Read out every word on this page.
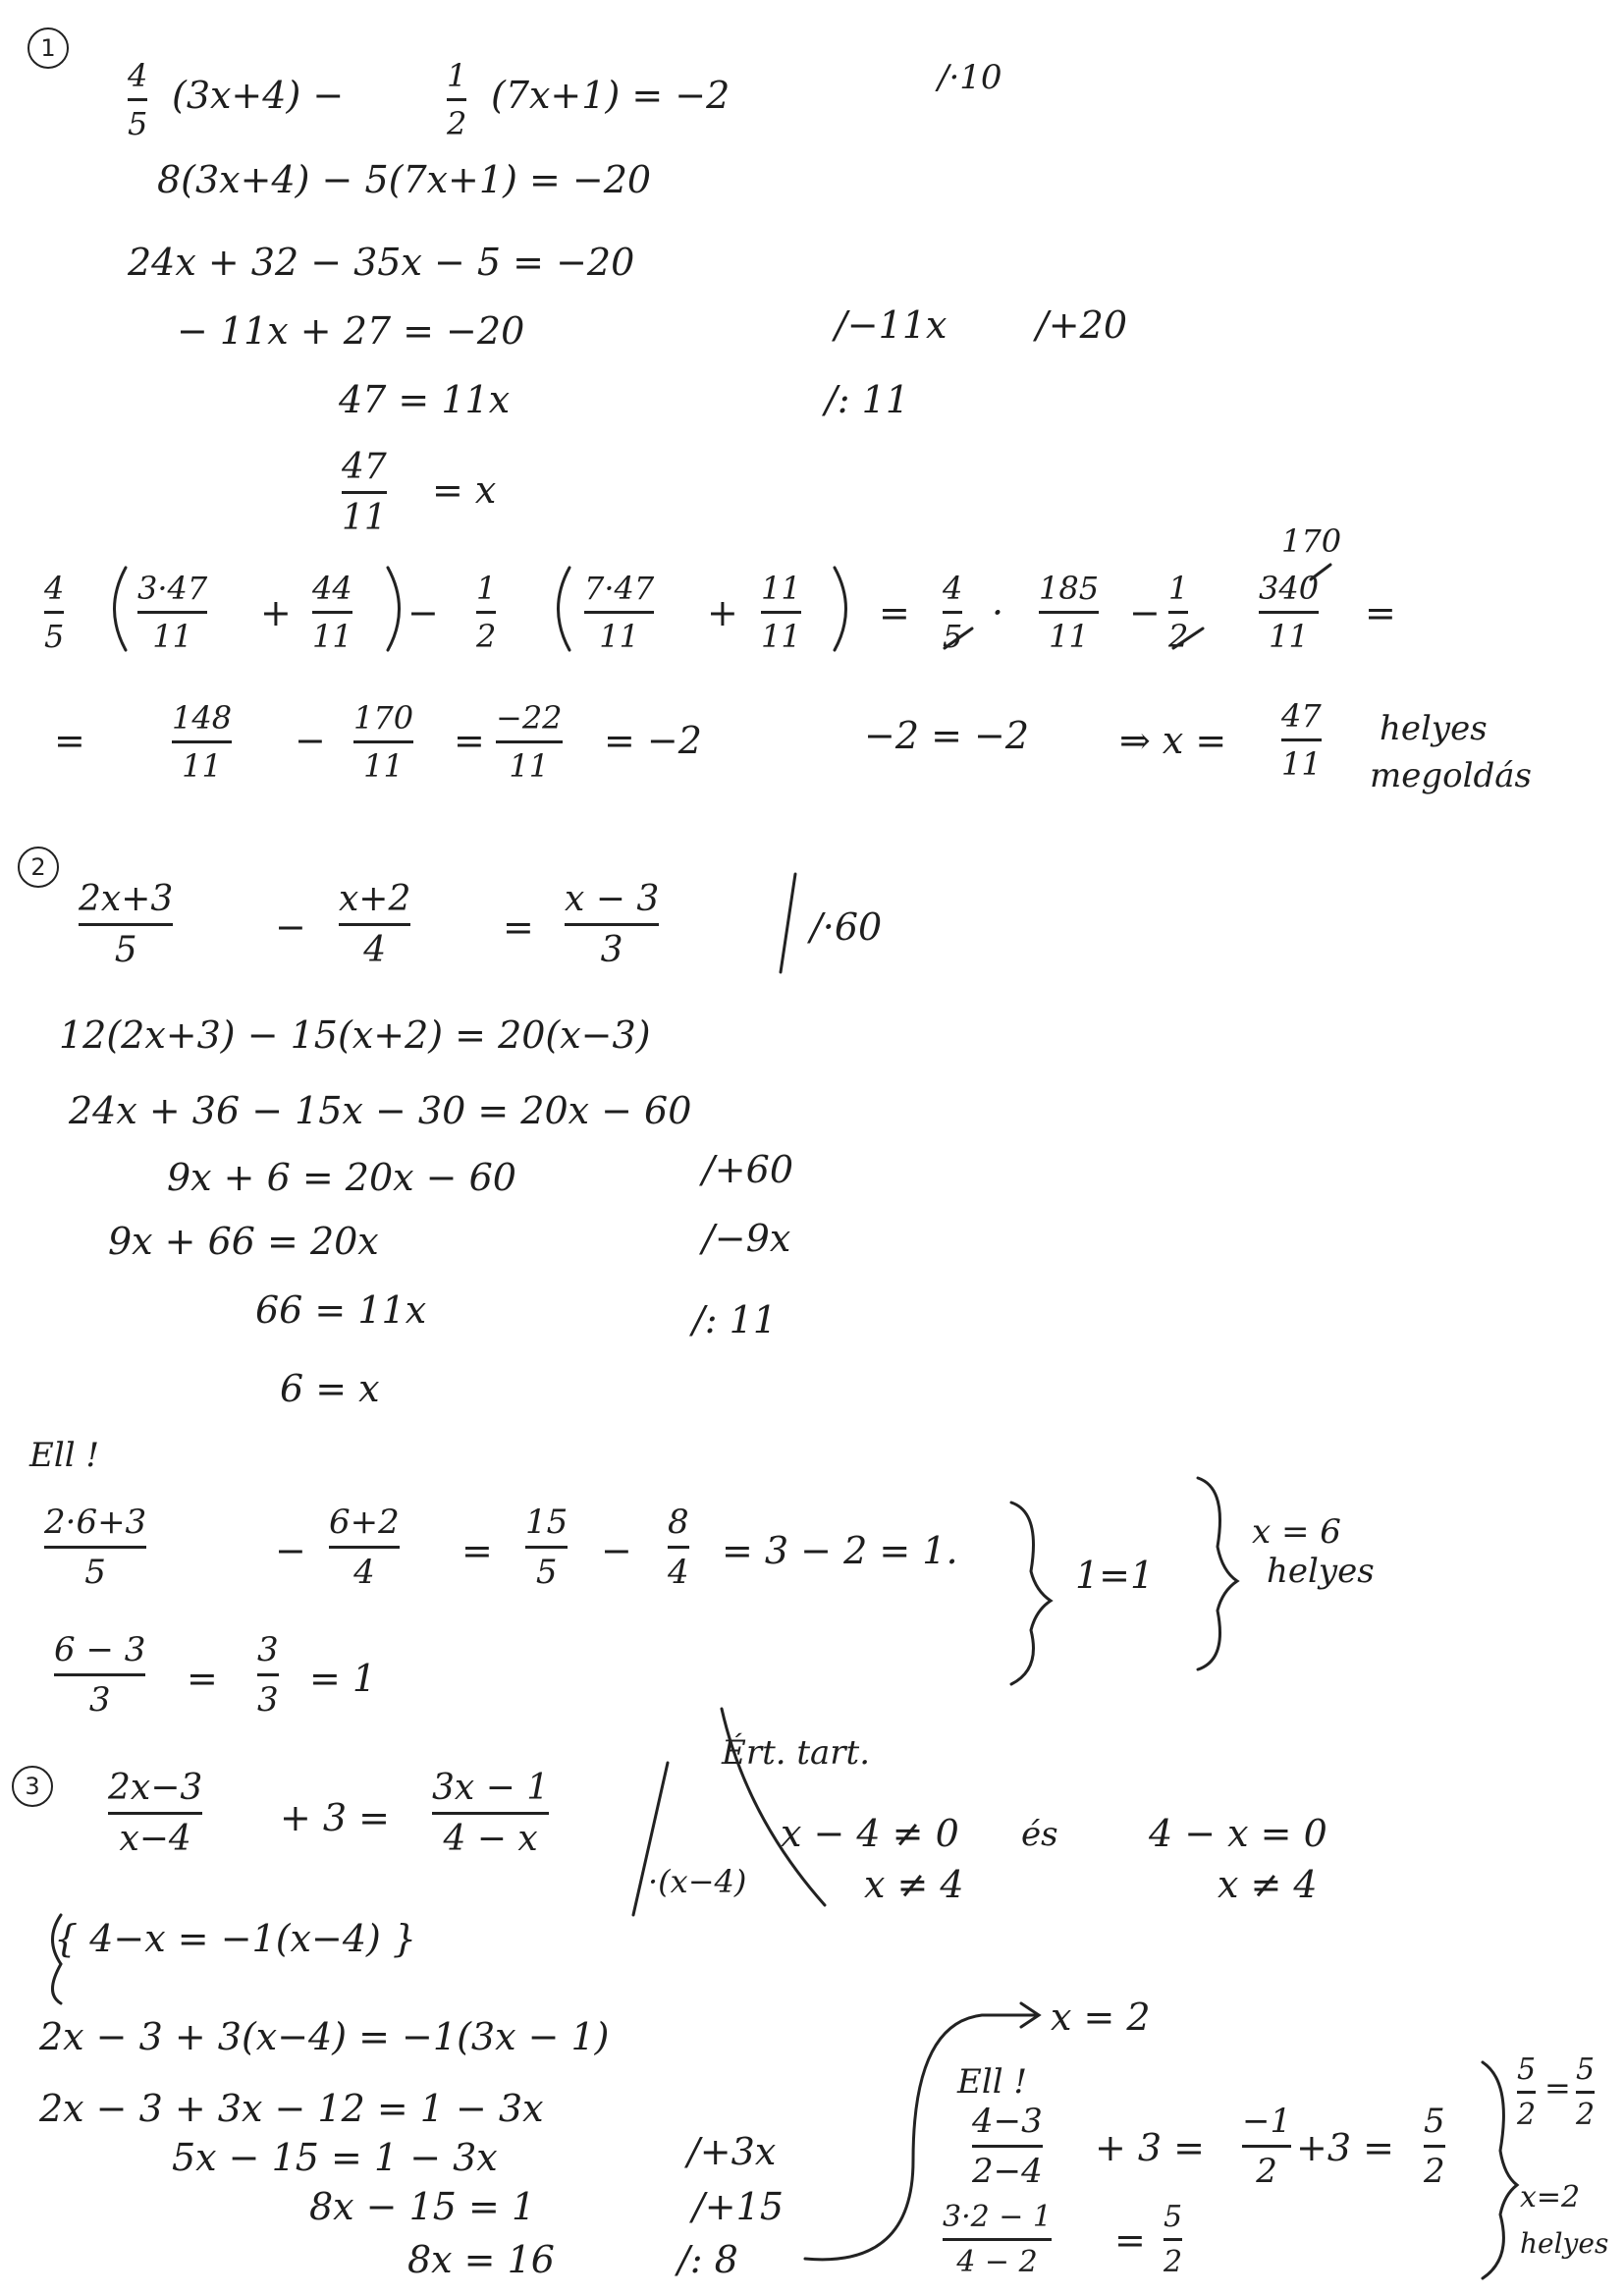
1
4
5
(3x+4) −	1
2
(7x+1) = −2	/·10
8(3x+4) − 5(7x+1) = −20
24x + 32 − 35x − 5 = −20
− 11x + 27 = −20	/−11x /+20
47 = 11x	/: 11
47
11
= x
4
5
3·47
11
+
44
11
−
1
2
7·47
11
+
11
11
=
4
5
·
185
11
−
1
2
170
340
11
=
=
148
11
−
170
11
=
−22
11
= −2	−2 = −2 ⇒ x =
47
11
helyes
megoldás
2
2x+3
5
−
x+2
4
=
x − 3
3
/·60
12(2x+3) − 15(x+2) = 20(x−3)
24x + 36 − 15x − 30 = 20x − 60
9x + 6 = 20x − 60	/+60
9x + 66 = 20x	/−9x
66 = 11x	/: 11
6 = x
Ell !
2·6+3
5	−
6+2
4 =
15
5 −
8
4 = 3 − 2 = 1.
1=1
x = 6
helyes
6 − 3
3 =
3
3 = 1
3 2x−3
x−4 + 3 =
3x − 1
4 − x
·(x−4)
Ért. tart.
x − 4 ≠ 0 és 4 − x = 0
x ≠ 4	x ≠ 4
{ 4−x = −1(x−4) }
2x − 3 + 3(x−4) = −1(3x − 1)
2x − 3 + 3x − 12 = 1 − 3x
5x − 15 = 1 − 3x	/+3x
8x − 15 = 1	/+15
8x = 16	/: 8
x = 2
Ell !
4−3
2−4
+ 3 =
−1
2
+3 =
5
2
3·2 − 1
4 − 2 =
5
2
5
2
= 5
2
x=2
helyes
